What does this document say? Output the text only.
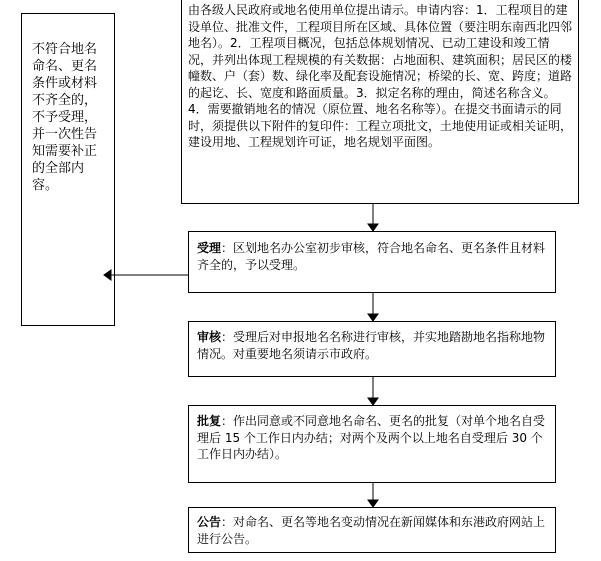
不符合地名命名、更名条件或材料不齐全的，不予受理，并一次性告知需要补正的全部内容。
由各级人民政府或地名使用单位提出请示。申请内容：1．工程项目的建设单位、批准文件，工程项目所在区域、具体位置（要注明东南西北四邻地名）。2．工程项目概况，包括总体规划情况、已动工建设和竣工情况，并列出体现工程规模的有关数据：占地面积、建筑面积；居民区的楼幢数、户（套）数、绿化率及配套设施情况；桥梁的长、宽、跨度；道路的起讫、长、宽度和路面质量。3．拟定名称的理由，简述名称含义。4．需要撤销地名的情况（原位置、地名名称等）。在提交书面请示的同时，须提供以下附件的复印件：工程立项批文，土地使用证或相关证明，建设用地、工程规划许可证，地名规划平面图。
受理：区划地名办公室初步审核，符合地名命名、更名条件且材料齐全的，予以受理。
审核：受理后对申报地名名称进行审核，并实地踏勘地名指称地物情况。对重要地名须请示市政府。
批复：作出同意或不同意地名命名、更名的批复（对单个地名自受理后 15 个工作日内办结；对两个及两个以上地名自受理后 30 个工作日内办结）。
公告：对命名、更名等地名变动情况在新闻媒体和东港政府网站上进行公告。
